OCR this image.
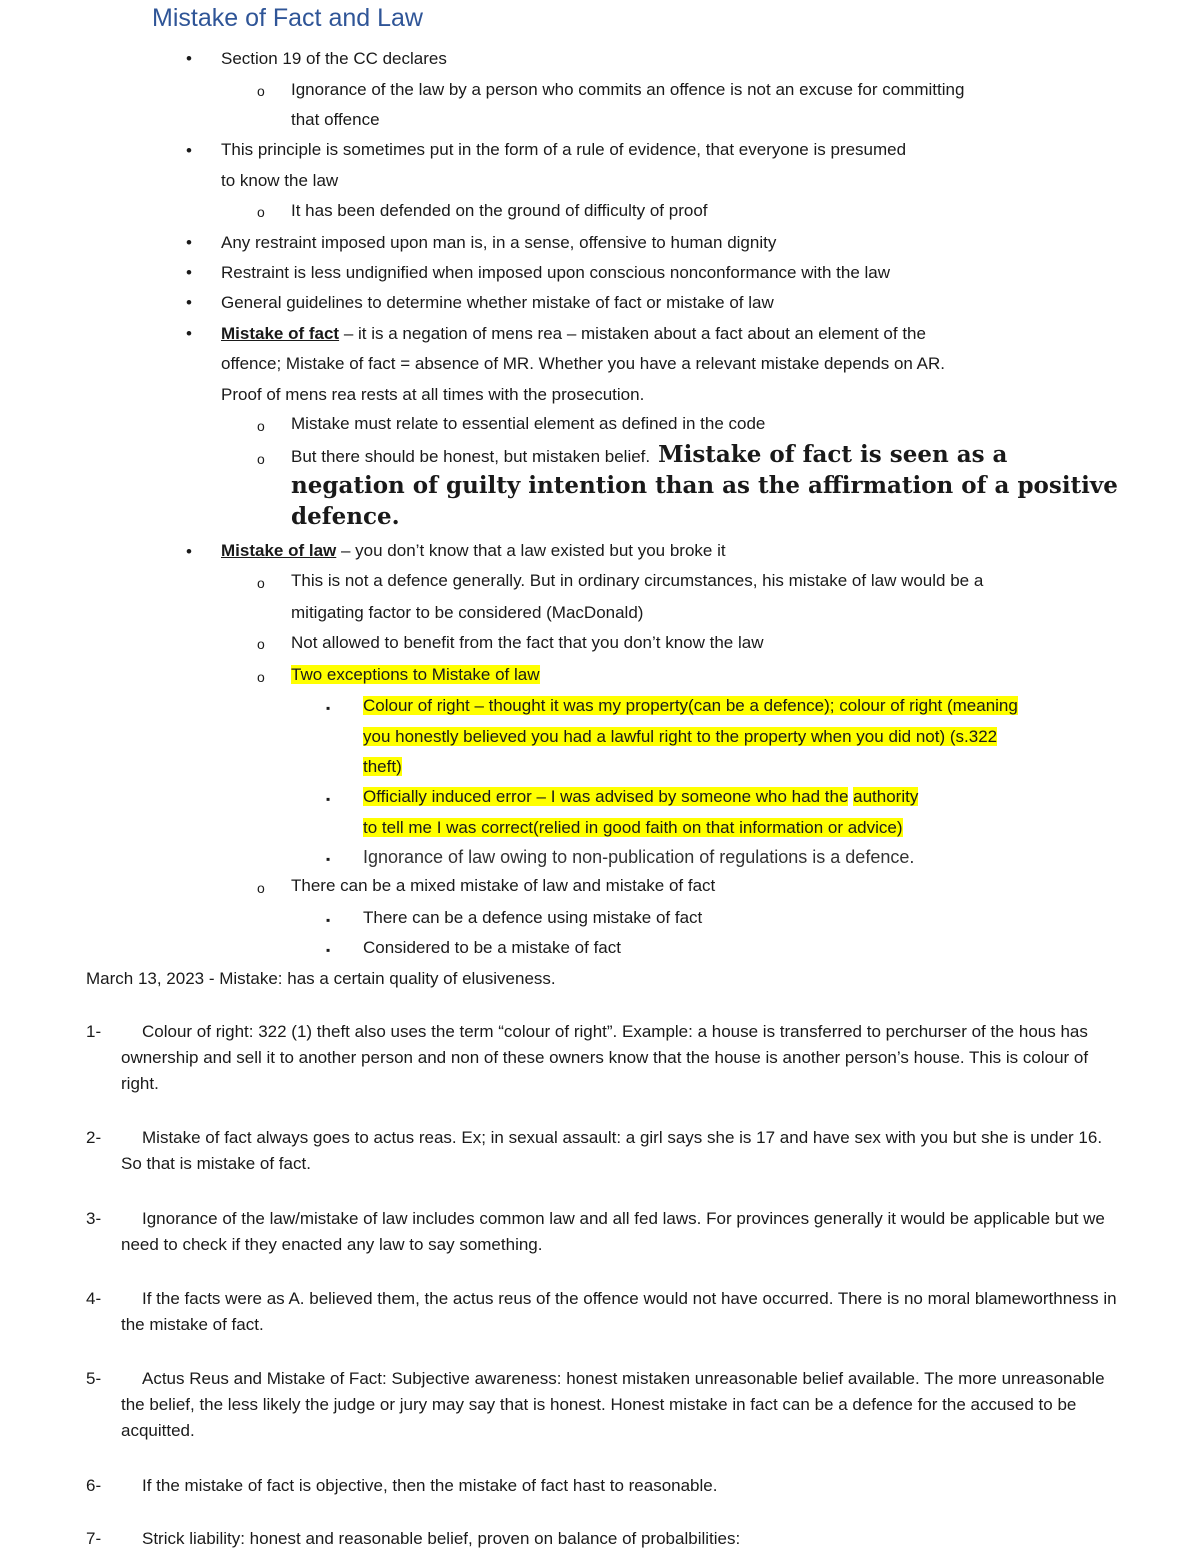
Mistake of Fact and Law
• Section 19 of the CC declares
o Ignorance of the law by a person who commits an offence is not an excuse for committing
that offence
• This principle is sometimes put in the form of a rule of evidence, that everyone is presumed
to know the law
o It has been defended on the ground of difficulty of proof
• Any restraint imposed upon man is, in a sense, offensive to human dignity
• Restraint is less undignified when imposed upon conscious nonconformance with the law
• General guidelines to determine whether mistake of fact or mistake of law
• Mistake of fact – it is a negation of mens rea – mistaken about a fact about an element of the
offence; Mistake of fact = absence of MR. Whether you have a relevant mistake depends on AR.
Proof of mens rea rests at all times with the prosecution.
o Mistake must relate to essential element as defined in the code
o But there should be honest, but mistaken belief. Mistake of fact is seen as a
negation of guilty intention than as the affirmation of a positive
defence.
• Mistake of law – you don’t know that a law existed but you broke it
o This is not a defence generally. But in ordinary circumstances, his mistake of law would be a
mitigating factor to be considered (MacDonald)
o Not allowed to benefit from the fact that you don’t know the law
o Two exceptions to Mistake of law
▪ Colour of right – thought it was my property(can be a defence); colour of right (meaning
you honestly believed you had a lawful right to the property when you did not) (s.322
theft)
▪ Officially induced error – I was advised by someone who had the authority
to tell me I was correct(relied in good faith on that information or advice)
▪ Ignorance of law owing to non-publication of regulations is a defence.
o There can be a mixed mistake of law and mistake of fact
▪ There can be a defence using mistake of fact
▪ Considered to be a mistake of fact
March 13, 2023 - Mistake: has a certain quality of elusiveness.
1-	Colour of right: 322 (1) theft also uses the term “colour of right”. Example: a house is transferred to perchurser of the hous has ownership and sell it to another person and non of these owners know that the house is another person’s house. This is colour of right.
2-	Mistake of fact always goes to actus reas. Ex; in sexual assault: a girl says she is 17 and have sex with you but she is under 16. So that is mistake of fact.
3-	Ignorance of the law/mistake of law includes common law and all fed laws. For provinces generally it would be applicable but we need to check if they enacted any law to say something.
4-	If the facts were as A. believed them, the actus reus of the offence would not have occurred. There is no moral blameworthness in the mistake of fact.
5-	Actus Reus and Mistake of Fact: Subjective awareness: honest mistaken unreasonable belief available. The more unreasonable the belief, the less likely the judge or jury may say that is honest. Honest mistake in fact can be a defence for the accused to be acquitted.
6-	If the mistake of fact is objective, then the mistake of fact hast to reasonable.
7-	Strick liability: honest and reasonable belief, proven on balance of probalbilities:
